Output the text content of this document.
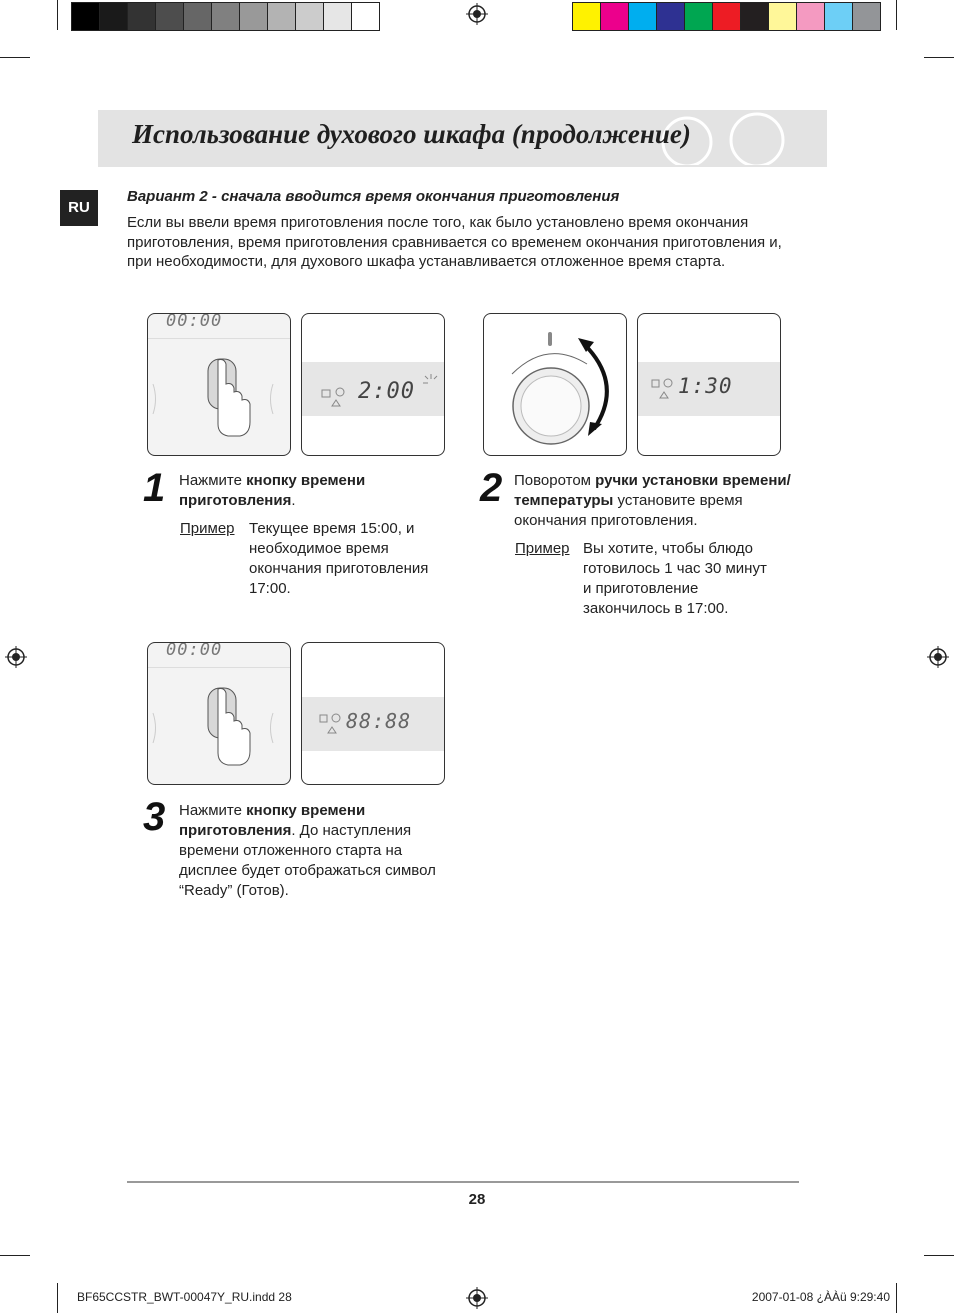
Использование духового шкафа (продолжение)
RU
Вариант 2 - сначала вводится время окончания приготовления
Если вы ввели время приготовления после того, как было установлено время окончания приготовления, время приготовления сравнивается со временем окончания приготовления и, при необходимости, для духового шкафа устанавливается отложенное время старта.
00:00
2:00	1:30
00:00
88:88
1 Нажмите кнопку времени приготовления.
Пример Текущее время 15:00, и необходимое время окончания приготовления 17:00.
2 Поворотом ручки установки времени/температуры установите время окончания приготовления.
Пример Вы хотите, чтобы блюдо готовилось 1 час 30 минут и приготовление закончилось в 17:00.
3 Нажмите кнопку времени приготовления. До наступления времени отложенного старта на дисплее будет отображаться символ “Ready” (Готов).
28
BF65CCSTR_BWT-00047Y_RU.indd 28	2007-01-08 ¿ÀÀü 9:29:40
